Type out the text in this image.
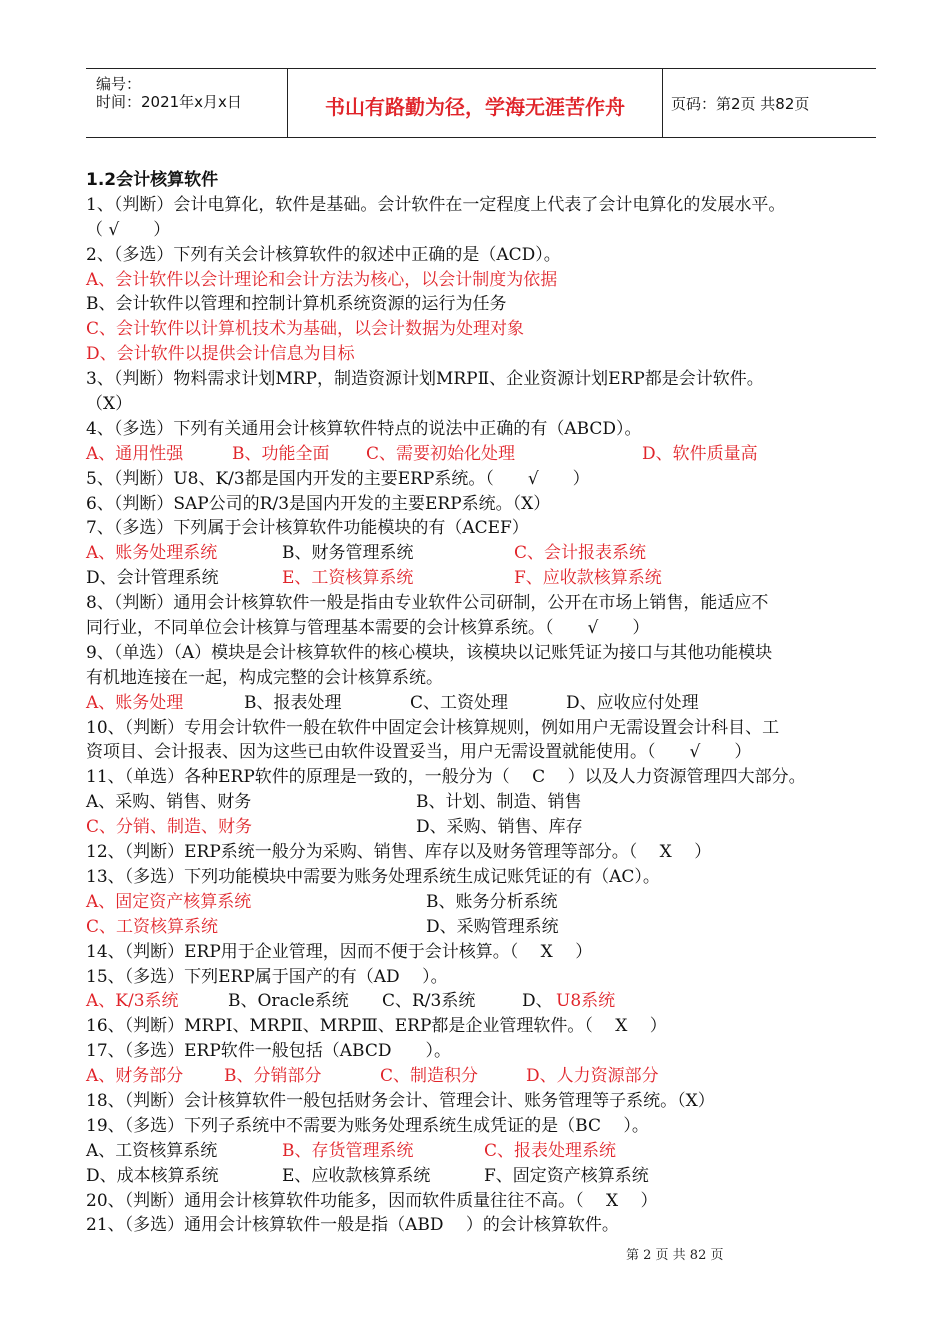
编号：
时间：2021年x月x日	书山有路勤为径，学海无涯苦作舟	页码：第2页 共82页
1.2会计核算软件
1、（判断）会计电算化，软件是基础。会计软件在一定程度上代表了会计电算化的发展水平。
（ √　　）
2、（多选）下列有关会计核算软件的叙述中正确的是（ACD）。
A、会计软件以会计理论和会计方法为核心，以会计制度为依据
B、会计软件以管理和控制计算机系统资源的运行为任务
C、会计软件以计算机技术为基础，以会计数据为处理对象
D、会计软件以提供会计信息为目标
3、（判断）物料需求计划MRP，制造资源计划MRPⅡ、企业资源计划ERP都是会计软件。
（X）
4、（多选）下列有关通用会计核算软件特点的说法中正确的有（ABCD）。
A、通用性强	B、功能全面 C、需要初始化处理	D、软件质量高
5、（判断）U8、K/3都是国内开发的主要ERP系统。（　　√　　）
6、（判断）SAP公司的R/3是国内开发的主要ERP系统。（X）
7、（多选）下列属于会计核算软件功能模块的有（ACEF）
A、账务处理系统	B、财务管理系统	C、会计报表系统
D、会计管理系统	E、工资核算系统	F、应收款核算系统
8、（判断）通用会计核算软件一般是指由专业软件公司研制，公开在市场上销售，能适应不
同行业，不同单位会计核算与管理基本需要的会计核算系统。（　　√　　）
9、（单选）（A）模块是会计核算软件的核心模块，该模块以记账凭证为接口与其他功能模块
有机地连接在一起，构成完整的会计核算系统。
A、账务处理	B、报表处理	C、工资处理	D、应收应付处理
10、（判断）专用会计软件一般在软件中固定会计核算规则，例如用户无需设置会计科目、工
资项目、会计报表、因为这些已由软件设置妥当，用户无需设置就能使用。（　　√　　）
11、（单选）各种ERP软件的原理是一致的，一般分为（　 C　 ）以及人力资源管理四大部分。
A、采购、销售、财务	B、计划、制造、销售
C、分销、制造、财务	D、采购、销售、库存
12、（判断）ERP系统一般分为采购、销售、库存以及财务管理等部分。（　 X　 ）
13、（多选）下列功能模块中需要为账务处理系统生成记账凭证的有（AC）。
A、固定资产核算系统	B、账务分析系统
C、工资核算系统	D、采购管理系统
14、（判断）ERP用于企业管理，因而不便于会计核算。（　 X　 ）
15、（多选）下列ERP属于国产的有（AD　 ）。
A、K/3系统	B、Oracle系统 C、R/3系统	D、 U8系统
16、（判断）MRPⅠ、MRPⅡ、MRPⅢ、ERP都是企业管理软件。（　 X　 ）
17、（多选）ERP软件一般包括（ABCD　　）。
A、财务部分 B、分销部分	C、制造积分	D、人力资源部分
18、（判断）会计核算软件一般包括财务会计、管理会计、账务管理等子系统。（X）
19、（多选）下列子系统中不需要为账务处理系统生成凭证的是（BC　 ）。
A、工资核算系统	B、存货管理系统	C、报表处理系统
D、成本核算系统	E、应收款核算系统	F、固定资产核算系统
20、（判断）通用会计核算软件功能多，因而软件质量往往不高。（　 X　 ）
21、（多选）通用会计核算软件一般是指（ABD　 ）的会计核算软件。
第 2 页 共 82 页
